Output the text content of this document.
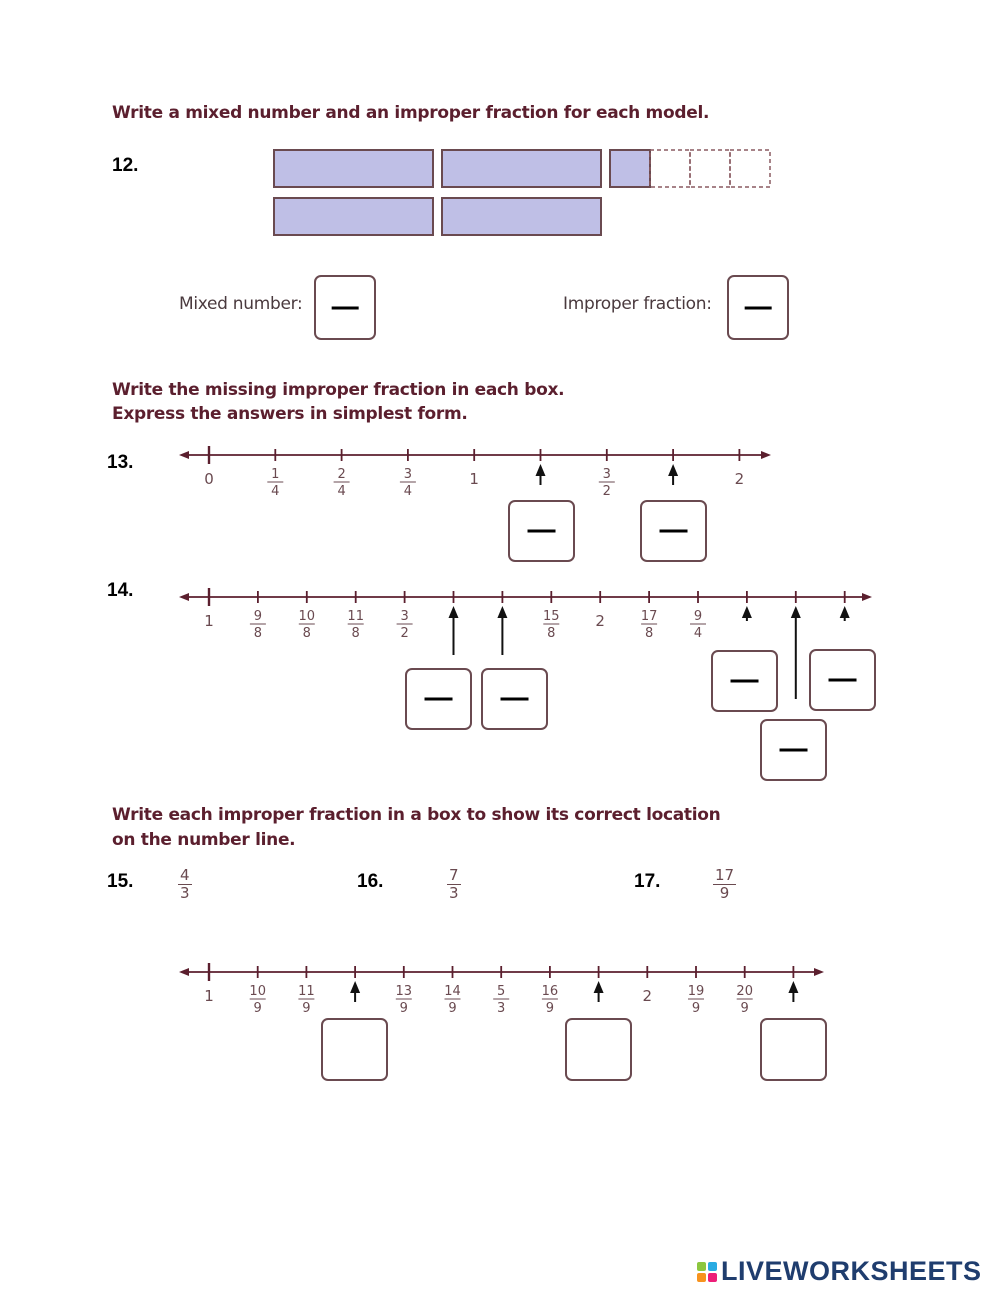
Write a mixed number and an improper fraction for each model.

12.
Mixed number:	Improper fraction:

Write the missing improper fraction in each box.

Express the answers in simplest form.

13.
14.
0	1
4
2
4
3
4
1	3
2
2
1	9
8
10
8
11
8
3
2
15
8
2	17
8
9
4
1	10
9
11
9
13
9
14
9
5
3
16
9
2	19
9
20
9

Write each improper fraction in a box to show its correct location

on the number line.

15.	$\frac{4}{3}$	16.	$\frac{7}{3}$	17.	$\frac{17}{9}$
LIVEWORKSHEETS
